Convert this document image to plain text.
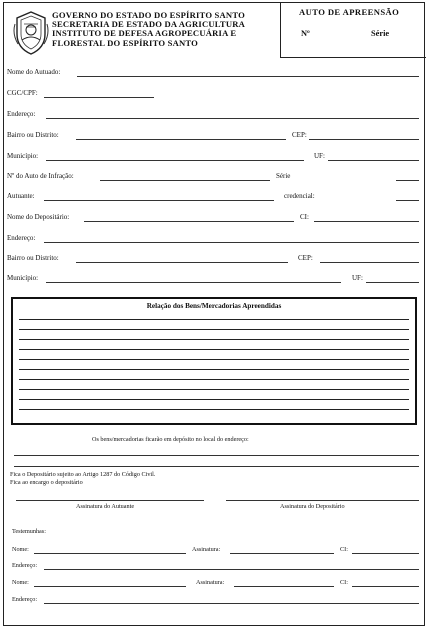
GOVERNO DO ESTADO DO ESPÍRITO SANTO
SECRETARIA DE ESTADO DA AGRICULTURA
INSTITUTO DE DEFESA AGROPECUÁRIA E
FLORESTAL DO ESPÍRITO SANTO
AUTO DE APREENSÃO
Nº	Série
Nome do Autuado:
CGC/CPF:
Endereço:
Bairro ou Distrito:	CEP:
Município:	UF:
Nº do Auto de Infração:	Série
Autuante:	credencial:
Nome do Depositário:	CI:
Endereço:
Bairro ou Distrito:	CEP:
Município:	UF:
Relação dos Bens/Mercadorias Apreendidas
Os bens/mercadorias ficarão em depósito no local do endereço:
Fica o Depositário sujeito ao Artigo 1287 do Código Civil.
Fica ao encargo o depositário
Assinatura do Autuante	Assinatura do Depositário
Testemunhas:
Nome:	Assinatura:	CI:
Endereço:
Nome:	Assinatura:	CI:
Endereço:
